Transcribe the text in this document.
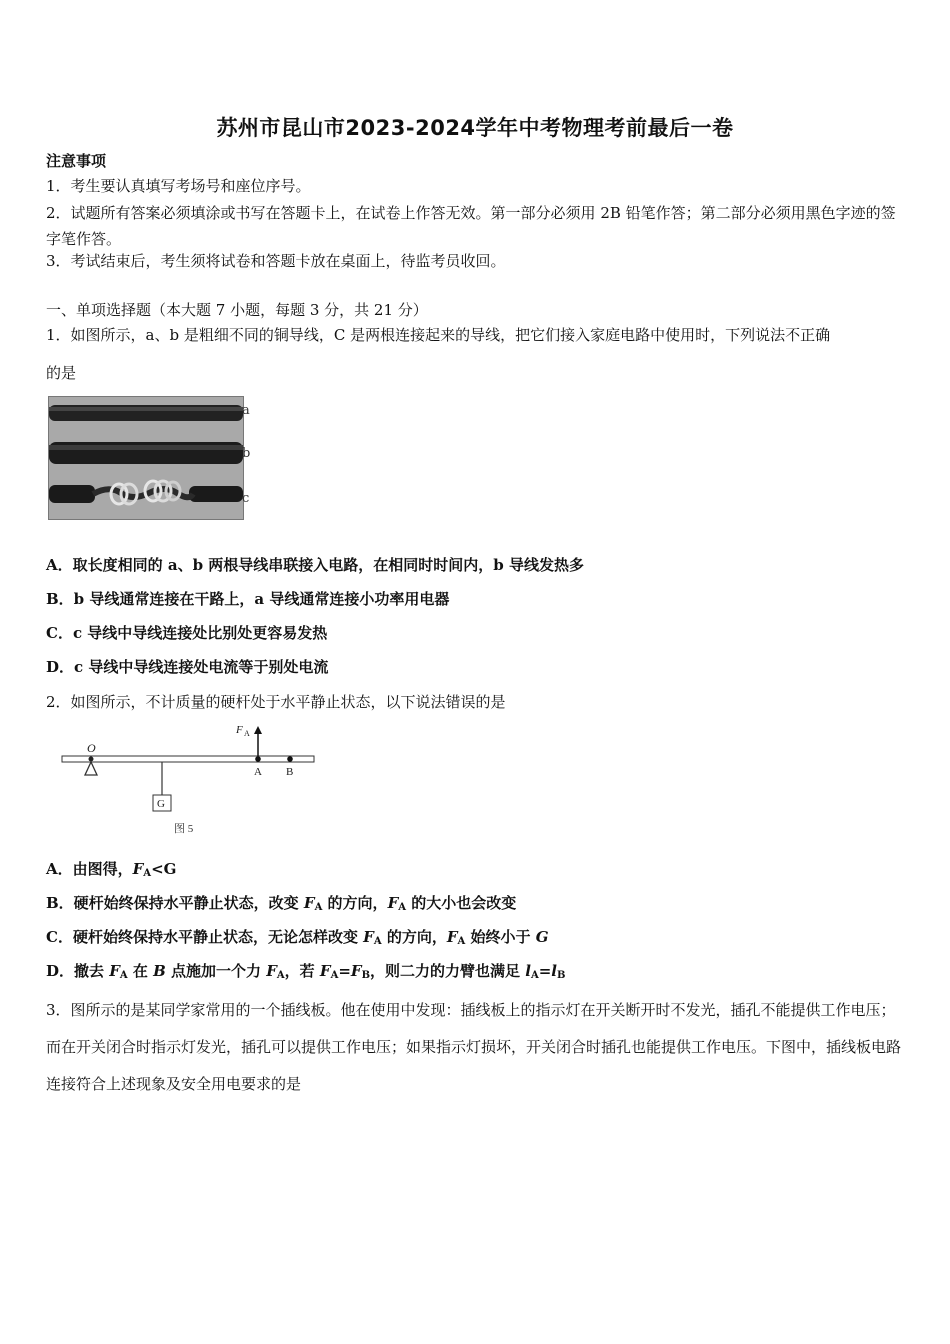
苏州市昆山市2023-2024学年中考物理考前最后一卷
注意事项
1．考生要认真填写考场号和座位序号。
2．试题所有答案必须填涂或书写在答题卡上，在试卷上作答无效。第一部分必须用 2B 铅笔作答；第二部分必须用黑色字迹的签字笔作答。
3．考试结束后，考生须将试卷和答题卡放在桌面上，待监考员收回。
一、单项选择题（本大题 7 小题，每题 3 分，共 21 分）
1．如图所示，a、b 是粗细不同的铜导线，C 是两根连接起来的导线，把它们接入家庭电路中使用时，下列说法不正确
的是
a
b
c
A．取长度相同的 a、b 两根导线串联接入电路，在相同时时间内，b 导线发热多
B．b 导线通常连接在干路上，a 导线通常连接小功率用电器
C．c 导线中导线连接处比别处更容易发热
D．c 导线中导线连接处电流等于别处电流
2．如图所示，不计质量的硬杆处于水平静止状态，以下说法错误的是
O
F A
A B
G
图 5
A．由图得，$F_A<G$
B．硬杆始终保持水平静止状态，改变 $F_A$ 的方向，$F_A$ 的大小也会改变
C．硬杆始终保持水平静止状态，无论怎样改变 $F_A$ 的方向，$F_A$ 始终小于 G
D．撤去 $F_A$ 在 B 点施加一个力 $F_A$，若 $F_A=F_B$，则二力的力臂也满足 $l_A=l_B$
3．图所示的是某同学家常用的一个插线板。他在使用中发现：插线板上的指示灯在开关断开时不发光，插孔不能提供工作电压；而在开关闭合时指示灯发光，插孔可以提供工作电压；如果指示灯损坏，开关闭合时插孔也能提供工作电压。下图中，插线板电路连接符合上述现象及安全用电要求的是
